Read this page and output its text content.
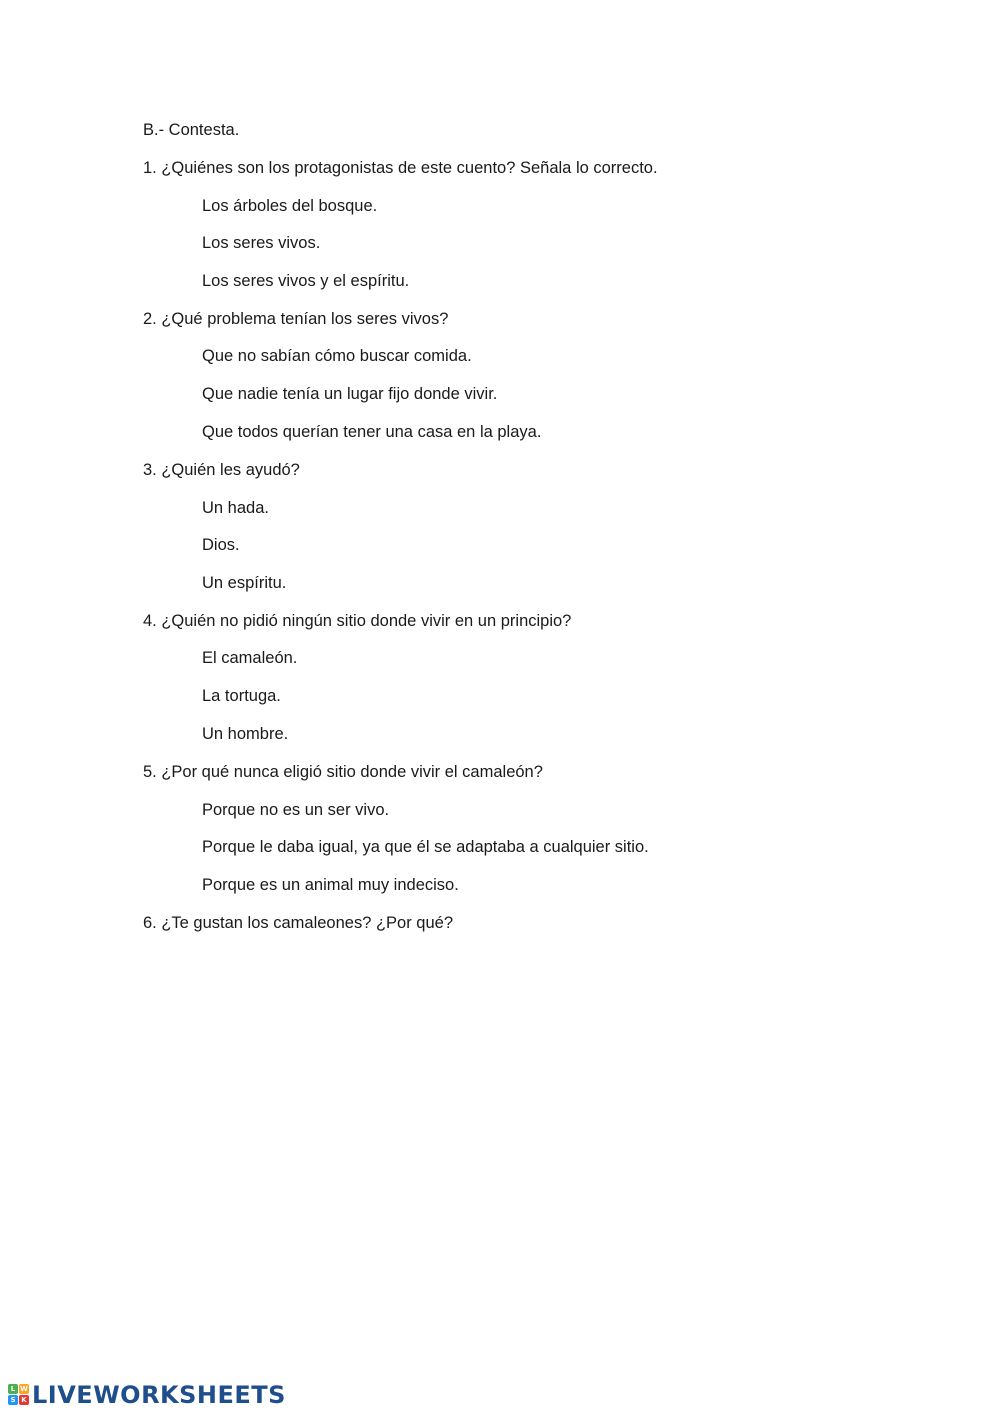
B.- Contesta.
1. ¿Quiénes son los protagonistas de este cuento? Señala lo correcto.
Los árboles del bosque.
Los seres vivos.
Los seres vivos y el espíritu.
2. ¿Qué problema tenían los seres vivos?
Que no sabían cómo buscar comida.
Que nadie tenía un lugar fijo donde vivir.
Que todos querían tener una casa en la playa.
3. ¿Quién les ayudó?
Un hada.
Dios.
Un espíritu.
4. ¿Quién no pidió ningún sitio donde vivir en un principio?
El camaleón.
La tortuga.
Un hombre.
5. ¿Por qué nunca eligió sitio donde vivir el camaleón?
Porque no es un ser vivo.
Porque le daba igual, ya que él se adaptaba a cualquier sitio.
Porque es un animal muy indeciso.
6. ¿Te gustan los camaleones? ¿Por qué?
L W
S K LIVEWORKSHEETS
